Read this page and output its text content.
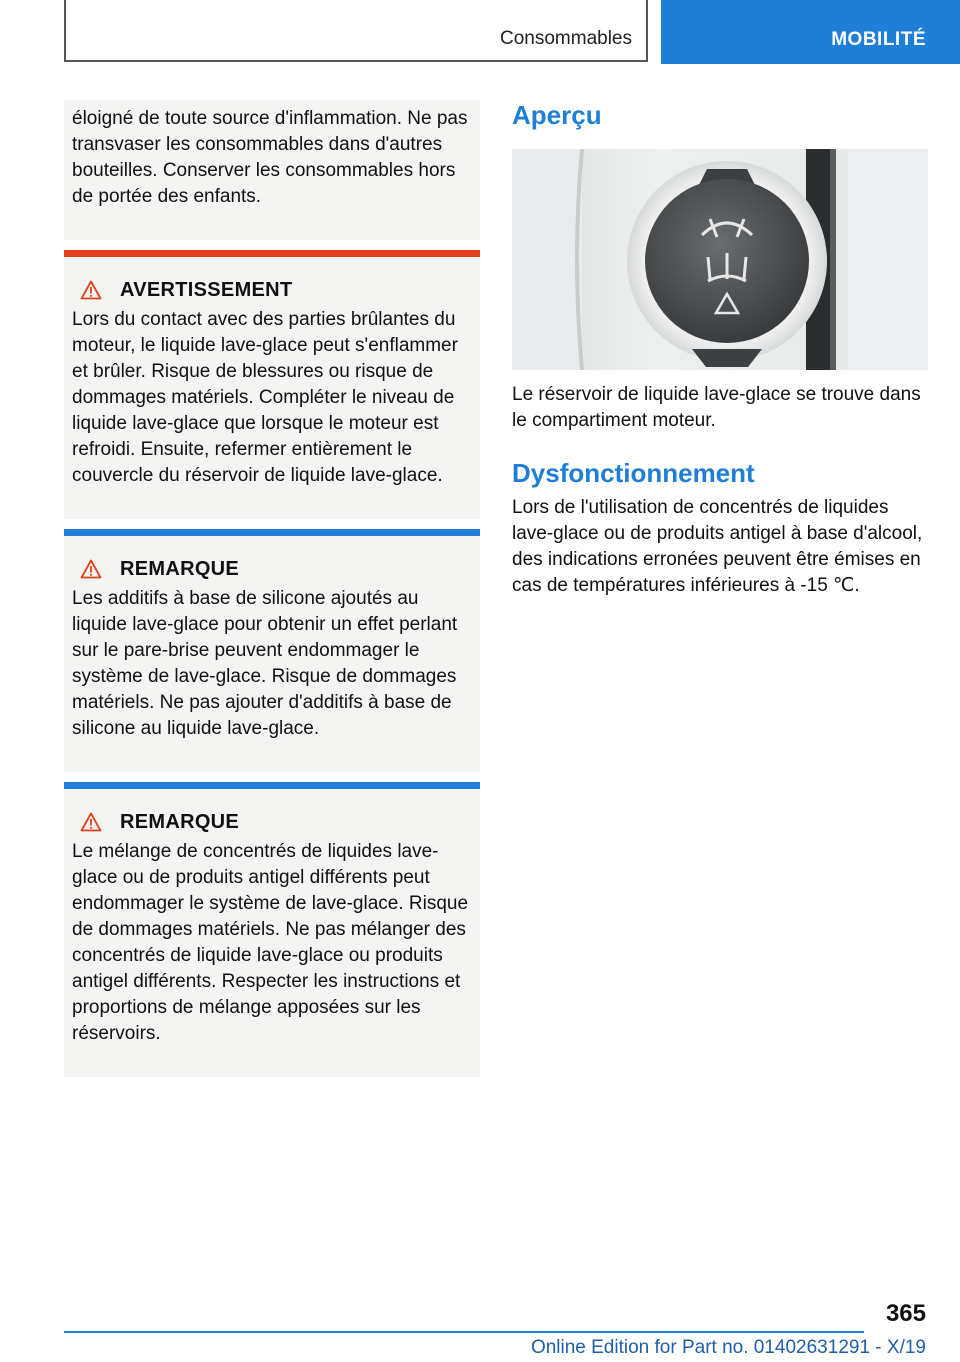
Consommables	MOBILITÉ

éloigné de toute source d'inflammation. Ne pas transvaser les consommables dans d'autres bouteilles. Conserver les consommables hors de portée des enfants.

AVERTISSEMENT

Lors du contact avec des parties brûlantes du moteur, le liquide lave-glace peut s'enflammer et brûler. Risque de blessures ou risque de dommages matériels. Compléter le niveau de liquide lave-glace que lorsque le moteur est refroidi. Ensuite, refermer entièrement le couvercle du réservoir de liquide lave-glace.

REMARQUE

Les additifs à base de silicone ajoutés au liquide lave-glace pour obtenir un effet perlant sur le pare-brise peuvent endommager le système de lave-glace. Risque de dommages matériels. Ne pas ajouter d'additifs à base de silicone au liquide lave-glace.

REMARQUE

Le mélange de concentrés de liquides lave-glace ou de produits antigel différents peut endommager le système de lave-glace. Risque de dommages matériels. Ne pas mélanger des concentrés de liquide lave-glace ou produits antigel différents. Respecter les instructions et proportions de mélange apposées sur les réservoirs.

Aperçu

Le réservoir de liquide lave-glace se trouve dans le compartiment moteur.

Dysfonctionnement

Lors de l'utilisation de concentrés de liquides lave-glace ou de produits antigel à base d'alcool, des indications erronées peuvent être émises en cas de températures inférieures à -15 ℃.

365
Online Edition for Part no. 01402631291 - X/19
